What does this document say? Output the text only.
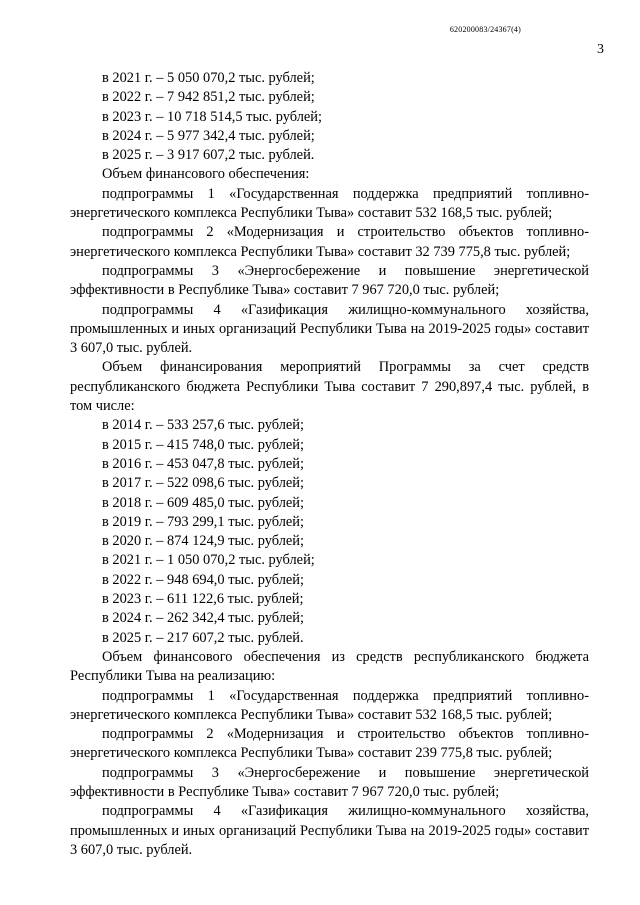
620200083/24367(4)
3
в 2021 г. – 5 050 070,2 тыс. рублей;
в 2022 г. – 7 942 851,2 тыс. рублей;
в 2023 г. – 10 718 514,5 тыс. рублей;
в 2024 г. – 5 977 342,4 тыс. рублей;
в 2025 г. – 3 917 607,2 тыс. рублей.
Объем финансового обеспечения:
подпрограммы 1 «Государственная поддержка предприятий топливно-энергетического комплекса Республики Тыва» составит 532 168,5 тыс. рублей;
подпрограммы 2 «Модернизация и строительство объектов топливно-энергетического комплекса Республики Тыва» составит 32 739 775,8 тыс. рублей;
подпрограммы 3 «Энергосбережение и повышение энергетической эффективности в Республике Тыва» составит 7 967 720,0 тыс. рублей;
подпрограммы 4 «Газификация жилищно-коммунального хозяйства, промышленных и иных организаций Республики Тыва на 2019-2025 годы» составит 3 607,0 тыс. рублей.
Объем финансирования мероприятий Программы за счет средств республиканского бюджета Республики Тыва составит 7 290,897,4 тыс. рублей, в том числе:
в 2014 г. – 533 257,6 тыс. рублей;
в 2015 г. – 415 748,0 тыс. рублей;
в 2016 г. – 453 047,8 тыс. рублей;
в 2017 г. – 522 098,6 тыс. рублей;
в 2018 г. – 609 485,0 тыс. рублей;
в 2019 г. – 793 299,1 тыс. рублей;
в 2020 г. – 874 124,9 тыс. рублей;
в 2021 г. – 1 050 070,2 тыс. рублей;
в 2022 г. – 948 694,0 тыс. рублей;
в 2023 г. – 611 122,6 тыс. рублей;
в 2024 г. – 262 342,4 тыс. рублей;
в 2025 г. – 217 607,2 тыс. рублей.
Объем финансового обеспечения из средств республиканского бюджета Республики Тыва на реализацию:
подпрограммы 1 «Государственная поддержка предприятий топливно-энергетического комплекса Республики Тыва» составит 532 168,5 тыс. рублей;
подпрограммы 2 «Модернизация и строительство объектов топливно-энергетического комплекса Республики Тыва» составит 239 775,8 тыс. рублей;
подпрограммы 3 «Энергосбережение и повышение энергетической эффективности в Республике Тыва» составит 7 967 720,0 тыс. рублей;
подпрограммы 4 «Газификация жилищно-коммунального хозяйства, промышленных и иных организаций Республики Тыва на 2019-2025 годы» составит 3 607,0 тыс. рублей.
